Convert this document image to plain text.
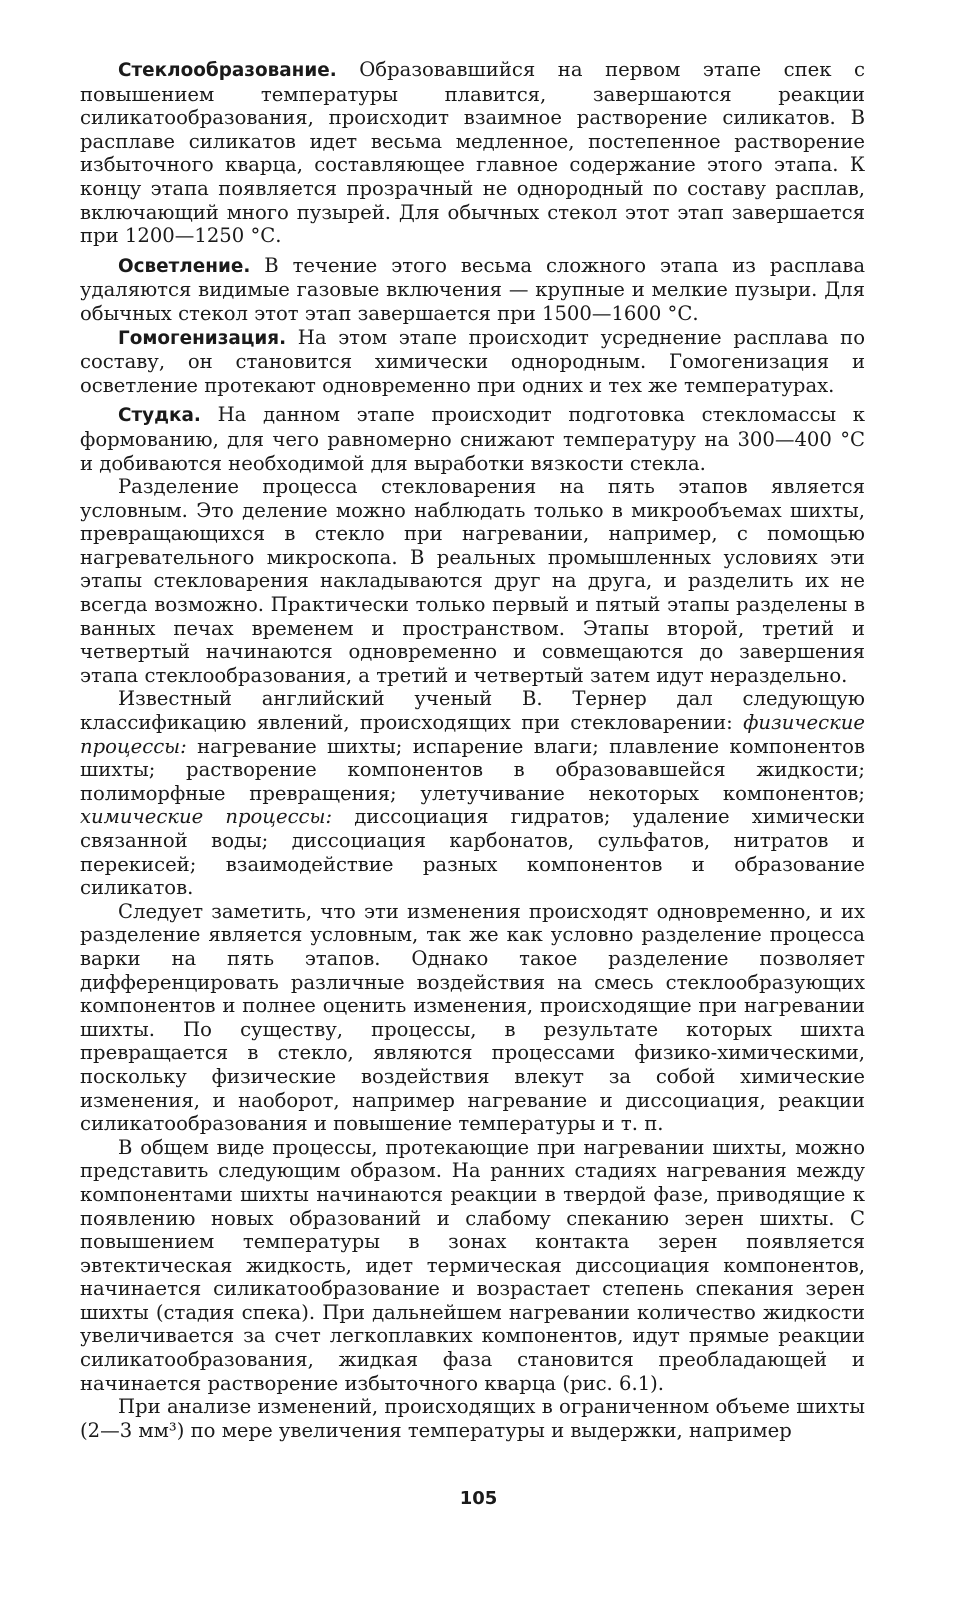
Стеклообразование. Образовавшийся на первом этапе спек с повышением температуры плавится, завершаются реакции силикатообразования, происходит взаимное растворение силикатов. В расплаве силикатов идет весьма медленное, постепенное растворение избыточного кварца, составляющее главное содержание этого этапа. К концу этапа появляется прозрачный не однородный по составу расплав, включающий много пузырей. Для обычных стекол этот этап завершается при 1200—1250 °С.

Осветление. В течение этого весьма сложного этапа из расплава удаляются видимые газовые включения — крупные и мелкие пузыри. Для обычных стекол этот этап завершается при 1500—1600 °С.

Гомогенизация. На этом этапе происходит усреднение расплава по составу, он становится химически однородным. Гомогенизация и осветление протекают одновременно при одних и тех же температурах.

Студка. На данном этапе происходит подготовка стекломассы к формованию, для чего равномерно снижают температуру на 300—400 °С и добиваются необходимой для выработки вязкости стекла.

Разделение процесса стекловарения на пять этапов является условным. Это деление можно наблюдать только в микрообъемах шихты, превращающихся в стекло при нагревании, например, с помощью нагревательного микроскопа. В реальных промышленных условиях эти этапы стекловарения накладываются друг на друга, и разделить их не всегда возможно. Практически только первый и пятый этапы разделены в ванных печах временем и пространством. Этапы второй, третий и четвертый начинаются одновременно и совмещаются до завершения этапа стеклообразования, а третий и четвертый затем идут нераздельно.

Известный английский ученый В. Тернер дал следующую классификацию явлений, происходящих при стекловарении: физические процессы: нагревание шихты; испарение влаги; плавление компонентов шихты; растворение компонентов в образовавшейся жидкости; полиморфные превращения; улетучивание некоторых компонентов; химические процессы: диссоциация гидратов; удаление химически связанной воды; диссоциация карбонатов, сульфатов, нитратов и перекисей; взаимодействие разных компонентов и образование силикатов.

Следует заметить, что эти изменения происходят одновременно, и их разделение является условным, так же как условно разделение процесса варки на пять этапов. Однако такое разделение позволяет дифференцировать различные воздействия на смесь стеклообразующих компонентов и полнее оценить изменения, происходящие при нагревании шихты. По существу, процессы, в результате которых шихта превращается в стекло, являются процессами физико-химическими, поскольку физические воздействия влекут за собой химические изменения, и наоборот, например нагревание и диссоциация, реакции силикатообразования и повышение температуры и т. п.

В общем виде процессы, протекающие при нагревании шихты, можно представить следующим образом. На ранних стадиях нагревания между компонентами шихты начинаются реакции в твердой фазе, приводящие к появлению новых образований и слабому спеканию зерен шихты. С повышением температуры в зонах контакта зерен появляется эвтектическая жидкость, идет термическая диссоциация компонентов, начинается силикатообразование и возрастает степень спекания зерен шихты (стадия спека). При дальнейшем нагревании количество жидкости увеличивается за счет легкоплавких компонентов, идут прямые реакции силикатообразования, жидкая фаза становится преобладающей и начинается растворение избыточного кварца (рис. 6.1).

При анализе изменений, происходящих в ограниченном объеме шихты (2—3 мм³) по мере увеличения температуры и выдержки, например

105
